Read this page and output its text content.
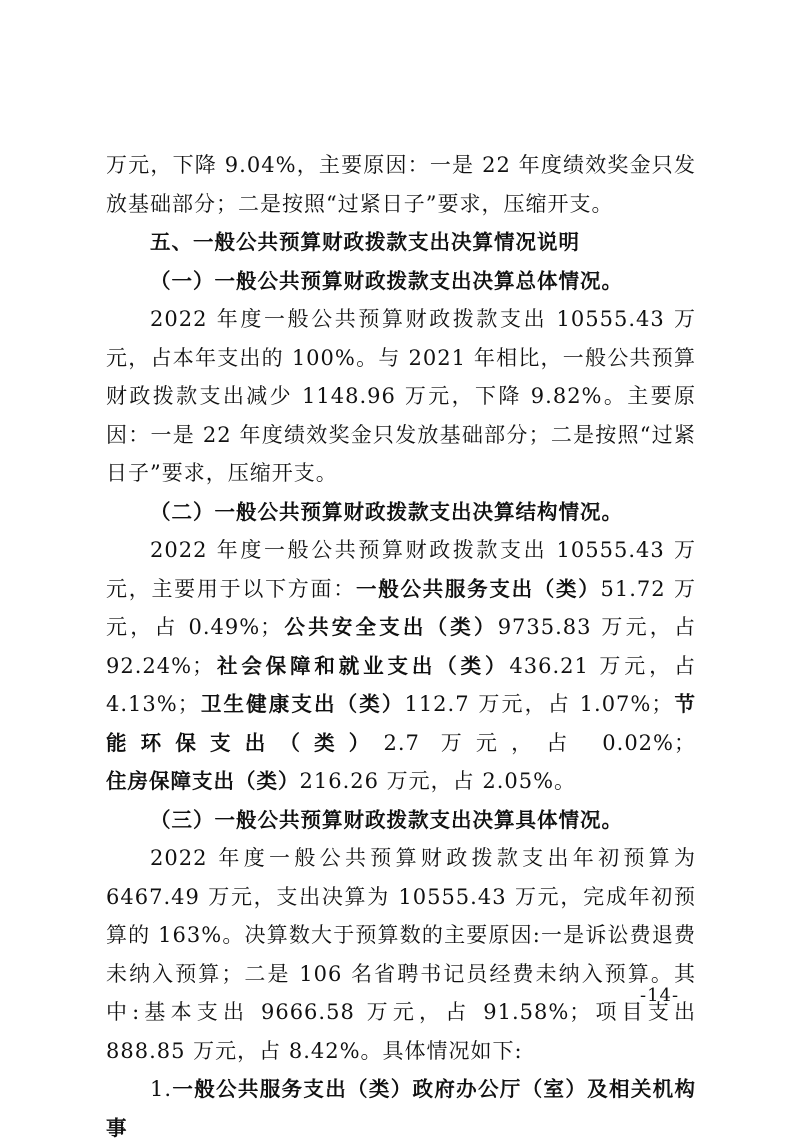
万元，下降 9.04%，主要原因：一是 22 年度绩效奖金只发放基础部分；二是按照“过紧日子”要求，压缩开支。

五、一般公共预算财政拨款支出决算情况说明

（一）一般公共预算财政拨款支出决算总体情况。

2022 年度一般公共预算财政拨款支出 10555.43 万元，占本年支出的 100%。与 2021 年相比，一般公共预算财政拨款支出减少 1148.96 万元，下降 9.82%。主要原因：一是 22 年度绩效奖金只发放基础部分；二是按照“过紧日子”要求，压缩开支。

（二）一般公共预算财政拨款支出决算结构情况。

2022 年度一般公共预算财政拨款支出 10555.43 万元，主要用于以下方面：一般公共服务支出（类）51.72 万元，占 0.49%；公共安全支出（类）9735.83 万元，占 92.24%；社会保障和就业支出（类）436.21 万元，占 4.13%；卫生健康支出（类）112.7 万元，占 1.07%；节能环保支出（类）2.7 万元，占 0.02%；住房保障支出（类）216.26 万元，占 2.05%。

（三）一般公共预算财政拨款支出决算具体情况。

2022 年度一般公共预算财政拨款支出年初预算为 6467.49 万元，支出决算为 10555.43 万元，完成年初预算的 163%。决算数大于预算数的主要原因:一是诉讼费退费未纳入预算；二是 106 名省聘书记员经费未纳入预算。其中:基本支出 9666.58 万元，占 91.58%；项目支出 888.85 万元，占 8.42%。具体情况如下:

1.一般公共服务支出（类）政府办公厅（室）及相关机构事

-14-
